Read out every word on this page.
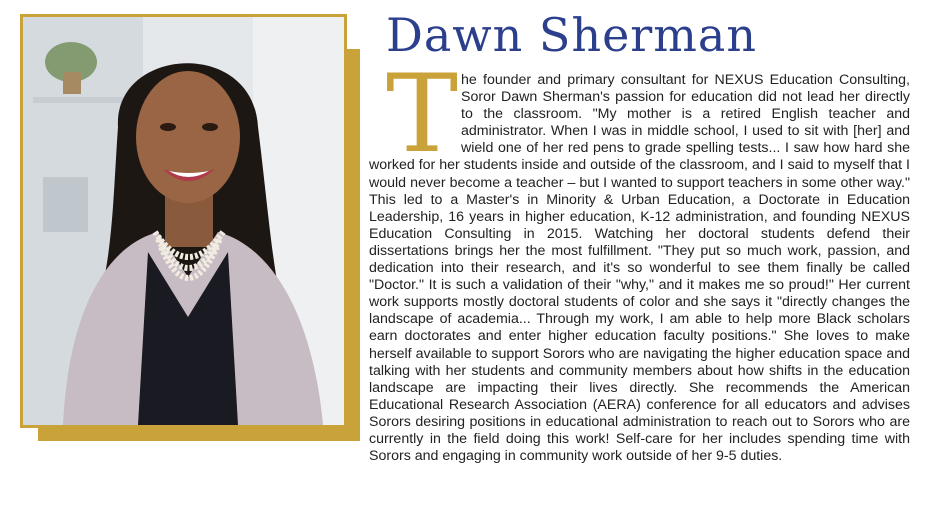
Dawn Sherman
T he founder and primary consultant for NEXUS Education Consulting, Soror Dawn Sherman's passion for education did not lead her directly to the classroom. "My mother is a retired English teacher and administrator. When I was in middle school, I used to sit with [her] and wield one of her red pens to grade spelling tests... I saw how hard she worked for her students inside and outside of the classroom, and I said to myself that I would never become a teacher – but I wanted to support teachers in some other way." This led to a Master's in Minority & Urban Education, a Doctorate in Education Leadership, 16 years in higher education, K-12 administration, and founding NEXUS Education Consulting in 2015. Watching her doctoral students defend their dissertations brings her the most fulfillment. "They put so much work, passion, and dedication into their research, and it's so wonderful to see them finally be called "Doctor." It is such a validation of their "why," and it makes me so proud!" Her current work supports mostly doctoral students of color and she says it "directly changes the landscape of academia... Through my work, I am able to help more Black scholars earn doctorates and enter higher education faculty positions." She loves to make herself available to support Sorors who are navigating the higher education space and talking with her students and community members about how shifts in the education landscape are impacting their lives directly. She recommends the American Educational Research Association (AERA) conference for all educators and advises Sorors desiring positions in educational administration to reach out to Sorors who are currently in the field doing this work! Self-care for her includes spending time with Sorors and engaging in community work outside of her 9-5 duties.
